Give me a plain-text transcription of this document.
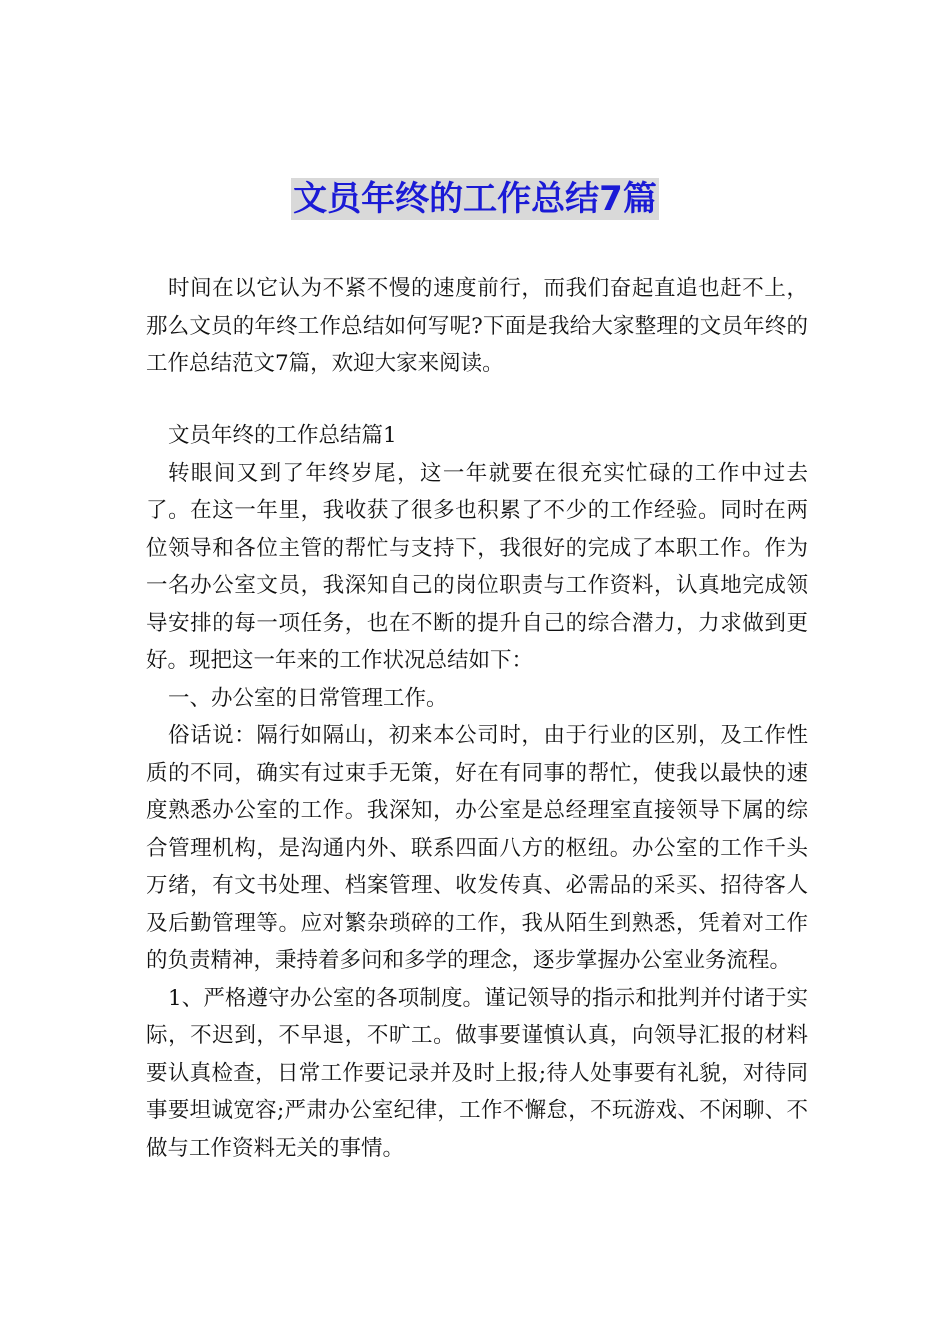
文员年终的工作总结7篇

时间在以它认为不紧不慢的速度前行，而我们奋起直追也赶不上，那么文员的年终工作总结如何写呢?下面是我给大家整理的文员年终的工作总结范文7篇，欢迎大家来阅读。

文员年终的工作总结篇1

转眼间又到了年终岁尾，这一年就要在很充实忙碌的工作中过去了。在这一年里，我收获了很多也积累了不少的工作经验。同时在两位领导和各位主管的帮忙与支持下，我很好的完成了本职工作。作为一名办公室文员，我深知自己的岗位职责与工作资料，认真地完成领导安排的每一项任务，也在不断的提升自己的综合潜力，力求做到更好。现把这一年来的工作状况总结如下：

一、办公室的日常管理工作。

俗话说：隔行如隔山，初来本公司时，由于行业的区别，及工作性质的不同，确实有过束手无策，好在有同事的帮忙，使我以最快的速度熟悉办公室的工作。我深知，办公室是总经理室直接领导下属的综合管理机构，是沟通内外、联系四面八方的枢纽。办公室的工作千头万绪，有文书处理、档案管理、收发传真、必需品的采买、招待客人及后勤管理等。应对繁杂琐碎的工作，我从陌生到熟悉，凭着对工作的负责精神，秉持着多问和多学的理念，逐步掌握办公室业务流程。

1、严格遵守办公室的各项制度。谨记领导的指示和批判并付诸于实际，不迟到，不早退，不旷工。做事要谨慎认真，向领导汇报的材料要认真检查，日常工作要记录并及时上报;待人处事要有礼貌，对待同事要坦诚宽容;严肃办公室纪律，工作不懈怠，不玩游戏、不闲聊、不做与工作资料无关的事情。
